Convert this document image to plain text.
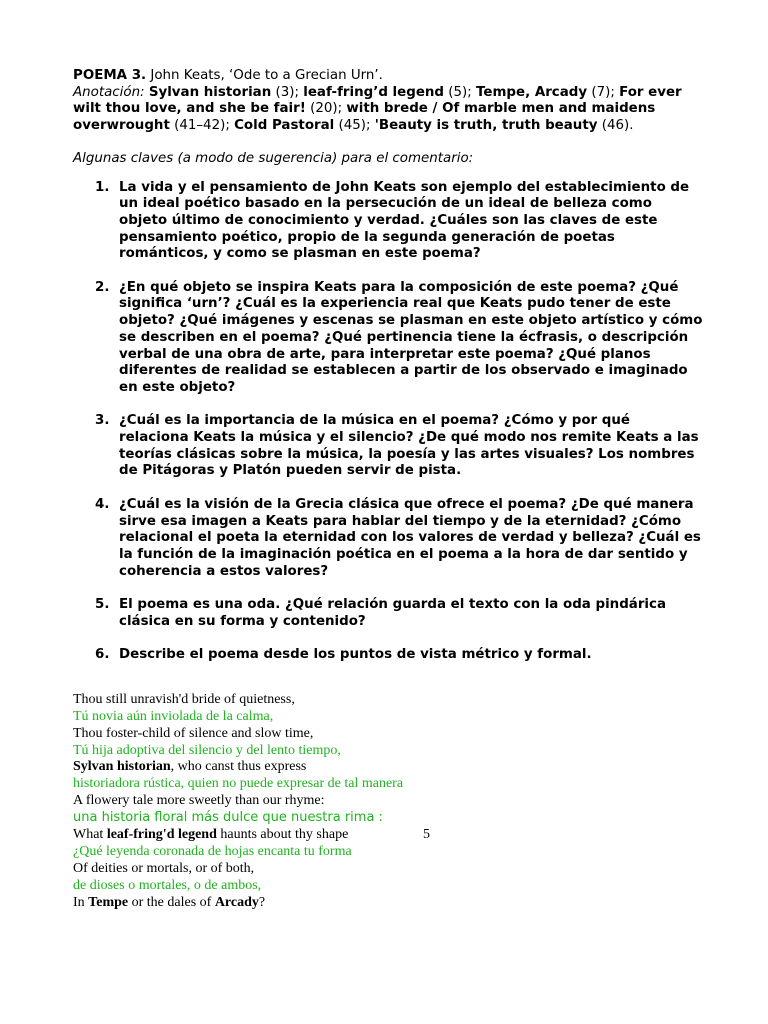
POEMA 3. John Keats, ‘Ode to a Grecian Urn’.

Anotación: Sylvan historian (3); leaf-fring’d legend (5); Tempe, Arcady (7); For ever wilt thou love, and she be fair! (20); with brede / Of marble men and maidens overwrought (41–42); Cold Pastoral (45); 'Beauty is truth, truth beauty (46).

Algunas claves (a modo de sugerencia) para el comentario:

1. La vida y el pensamiento de John Keats son ejemplo del establecimiento de un ideal poético basado en la persecución de un ideal de belleza como objeto último de conocimiento y verdad. ¿Cuáles son las claves de este pensamiento poético, propio de la segunda generación de poetas románticos, y como se plasman en este poema?
2. ¿En qué objeto se inspira Keats para la composición de este poema? ¿Qué significa ‘urn’? ¿Cuál es la experiencia real que Keats pudo tener de este objeto? ¿Qué imágenes y escenas se plasman en este objeto artístico y cómo se describen en el poema? ¿Qué pertinencia tiene la écfrasis, o descripción verbal de una obra de arte, para interpretar este poema? ¿Qué planos diferentes de realidad se establecen a partir de los observado e imaginado en este objeto?
3. ¿Cuál es la importancia de la música en el poema? ¿Cómo y por qué relaciona Keats la música y el silencio? ¿De qué modo nos remite Keats a las teorías clásicas sobre la música, la poesía y las artes visuales? Los nombres de Pitágoras y Platón pueden servir de pista.
4. ¿Cuál es la visión de la Grecia clásica que ofrece el poema? ¿De qué manera sirve esa imagen a Keats para hablar del tiempo y de la eternidad? ¿Cómo relacional el poeta la eternidad con los valores de verdad y belleza? ¿Cuál es la función de la imaginación poética en el poema a la hora de dar sentido y coherencia a estos valores?
5. El poema es una oda. ¿Qué relación guarda el texto con la oda pindárica clásica en su forma y contenido?
6. Describe el poema desde los puntos de vista métrico y formal.
Thou still unravish'd bride of quietness,
Tú novia aún inviolada de la calma,
Thou foster-child of silence and slow time,
Tú hija adoptiva del silencio y del lento tiempo,
Sylvan historian, who canst thus express
historiadora rústica, quien no puede expresar de tal manera
A flowery tale more sweetly than our rhyme:
una historia floral más dulce que nuestra rima :
What leaf-fring'd legend haunts about thy shape	5
¿Qué leyenda coronada de hojas encanta tu forma
Of deities or mortals, or of both,
de dioses o mortales, o de ambos,
In Tempe or the dales of Arcady?
